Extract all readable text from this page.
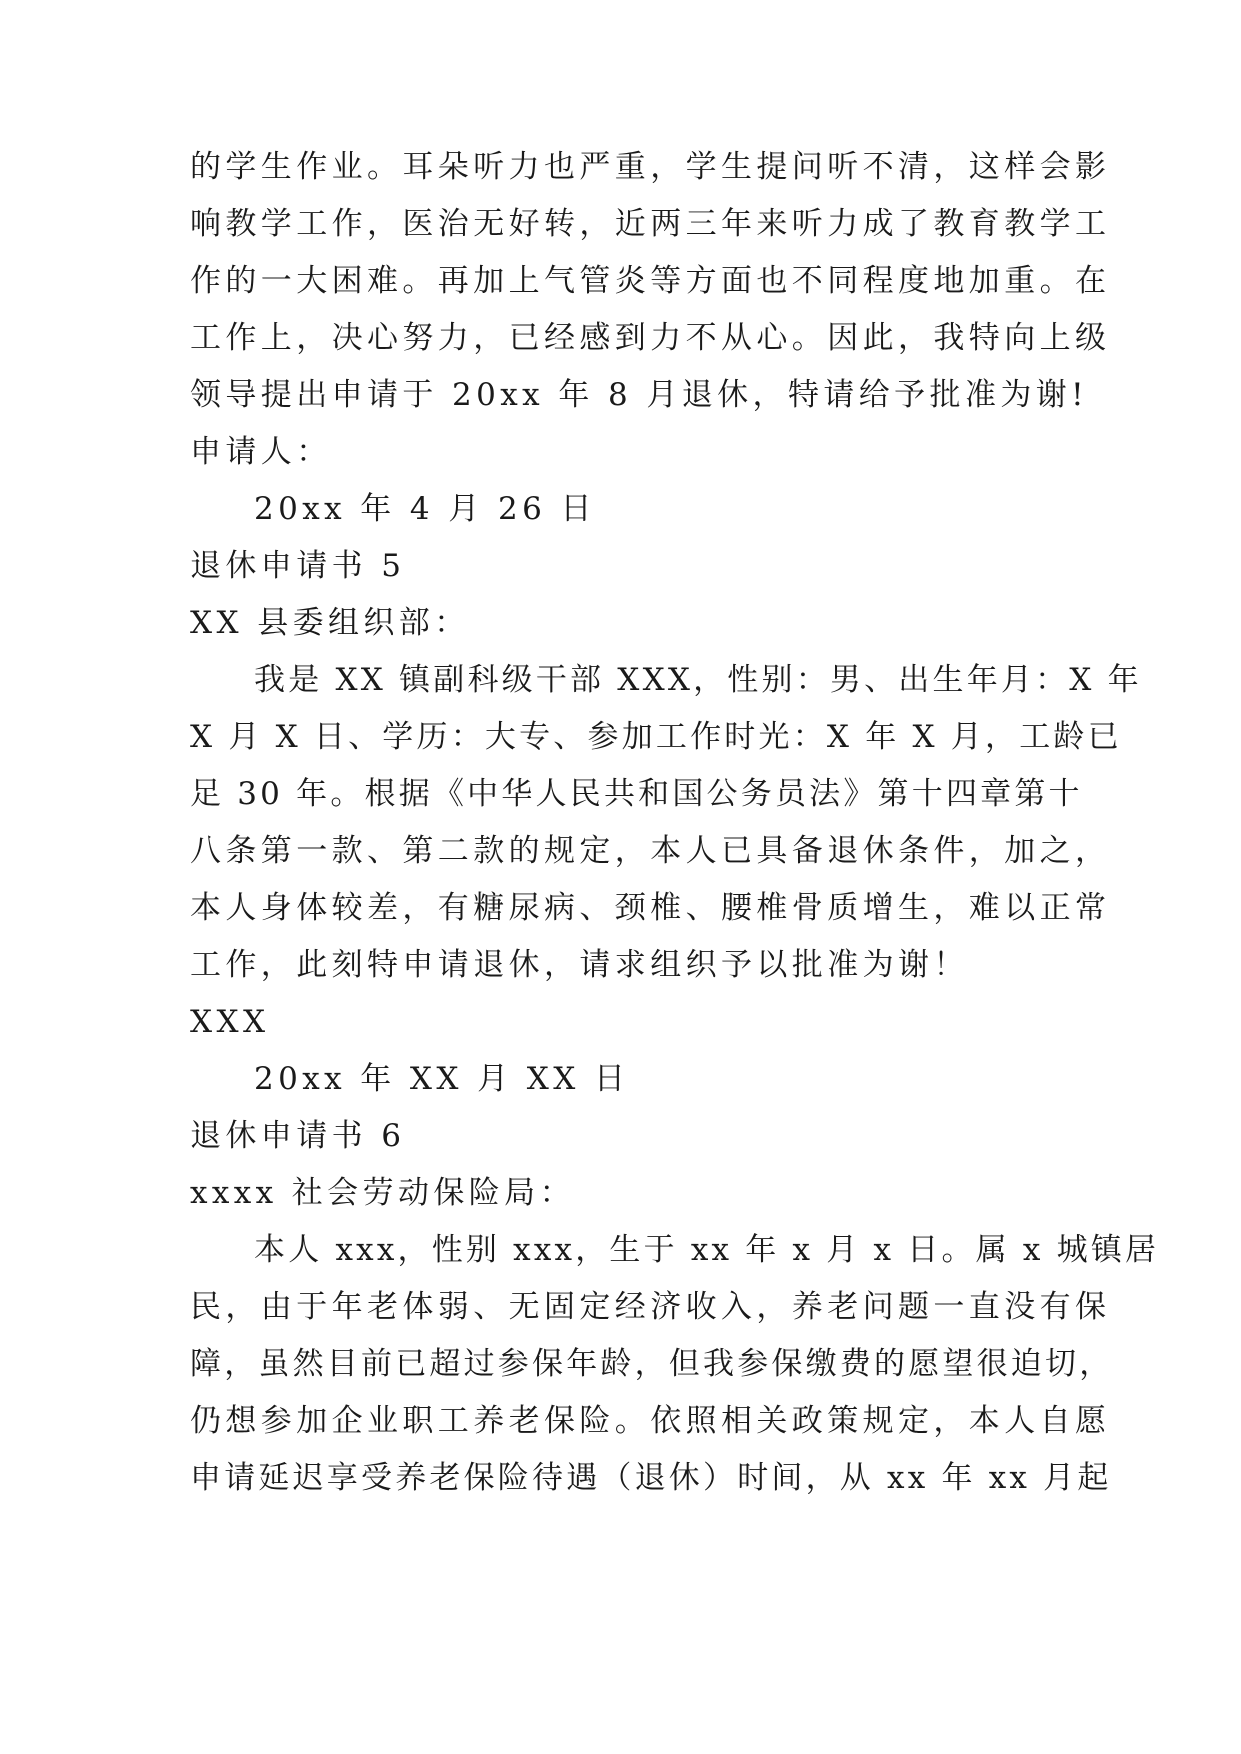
的学生作业。耳朵听力也严重，学生提问听不清，这样会影
响教学工作，医治无好转，近两三年来听力成了教育教学工
作的一大困难。再加上气管炎等方面也不同程度地加重。在
工作上，决心努力，已经感到力不从心。因此，我特向上级
领导提出申请于 20xx 年 8 月退休，特请给予批准为谢!
申请人：
20xx 年 4 月 26 日
退休申请书 5
XX 县委组织部：
我是 XX 镇副科级干部 XXX，性别：男、出生年月：X 年
X 月 X 日、学历：大专、参加工作时光：X 年 X 月，工龄已
足 30 年。根据《中华人民共和国公务员法》第十四章第十
八条第一款、第二款的规定，本人已具备退休条件，加之，
本人身体较差，有糖尿病、颈椎、腰椎骨质增生，难以正常
工作，此刻特申请退休，请求组织予以批准为谢！
XXX
20xx 年 XX 月 XX 日
退休申请书 6
xxxx 社会劳动保险局：
本人 xxx，性别 xxx，生于 xx 年 x 月 x 日。属 x 城镇居
民，由于年老体弱、无固定经济收入，养老问题一直没有保
障，虽然目前已超过参保年龄，但我参保缴费的愿望很迫切，
仍想参加企业职工养老保险。依照相关政策规定，本人自愿
申请延迟享受养老保险待遇（退休）时间，从 xx 年 xx 月起
